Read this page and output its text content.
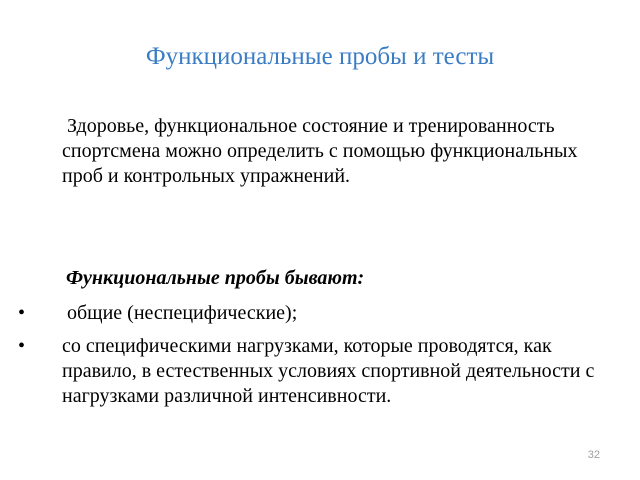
Функциональные пробы и тесты
Здоровье, функциональное состояние и тренированность спортсмена можно определить с помощью функциональных проб и контрольных упражнений.
Функциональные пробы бывают:
• общие (неспецифические);
• со специфическими нагрузками, которые проводятся, как правило, в естественных условиях спортивной деятельности с нагрузками различной интенсивности.
32
